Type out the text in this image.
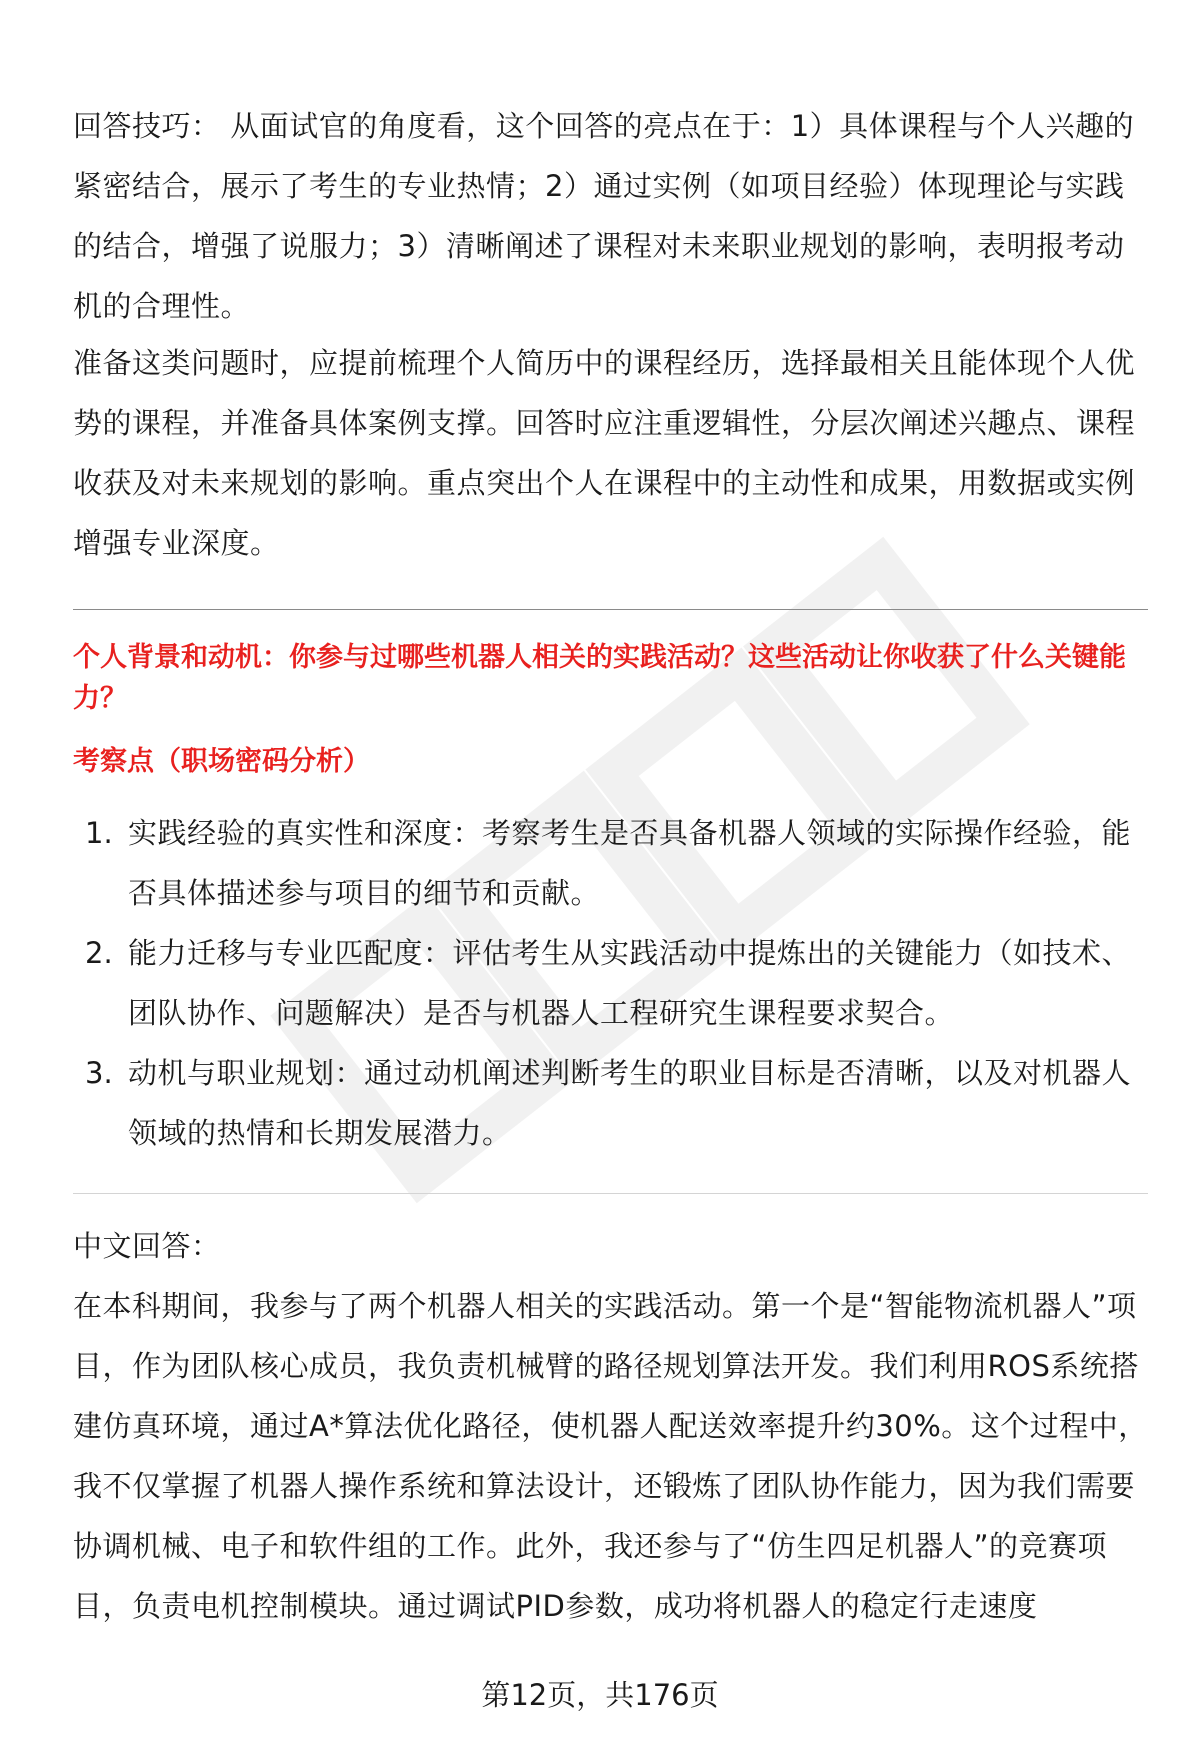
回答技巧： 从面试官的角度看，这个回答的亮点在于：1）具体课程与个人兴趣的紧密结合，展示了考生的专业热情；2）通过实例（如项目经验）体现理论与实践的结合，增强了说服力；3）清晰阐述了课程对未来职业规划的影响，表明报考动机的合理性。

准备这类问题时，应提前梳理个人简历中的课程经历，选择最相关且能体现个人优势的课程，并准备具体案例支撑。回答时应注重逻辑性，分层次阐述兴趣点、课程收获及对未来规划的影响。重点突出个人在课程中的主动性和成果，用数据或实例增强专业深度。

个人背景和动机：你参与过哪些机器人相关的实践活动？这些活动让你收获了什么关键能力？
考察点（职场密码分析）
1. 实践经验的真实性和深度：考察考生是否具备机器人领域的实际操作经验，能否具体描述参与项目的细节和贡献。

2. 能力迁移与专业匹配度：评估考生从实践活动中提炼出的关键能力（如技术、团队协作、问题解决）是否与机器人工程研究生课程要求契合。

3. 动机与职业规划：通过动机阐述判断考生的职业目标是否清晰，以及对机器人领域的热情和长期发展潜力。

中文回答：

在本科期间，我参与了两个机器人相关的实践活动。第一个是“智能物流机器人”项目，作为团队核心成员，我负责机械臂的路径规划算法开发。我们利用ROS系统搭建仿真环境，通过A*算法优化路径，使机器人配送效率提升约30%。这个过程中，我不仅掌握了机器人操作系统和算法设计，还锻炼了团队协作能力，因为我们需要协调机械、电子和软件组的工作。此外，我还参与了“仿生四足机器人”的竞赛项目，负责电机控制模块。通过调试PID参数，成功将机器人的稳定行走速度

第12页，共176页
